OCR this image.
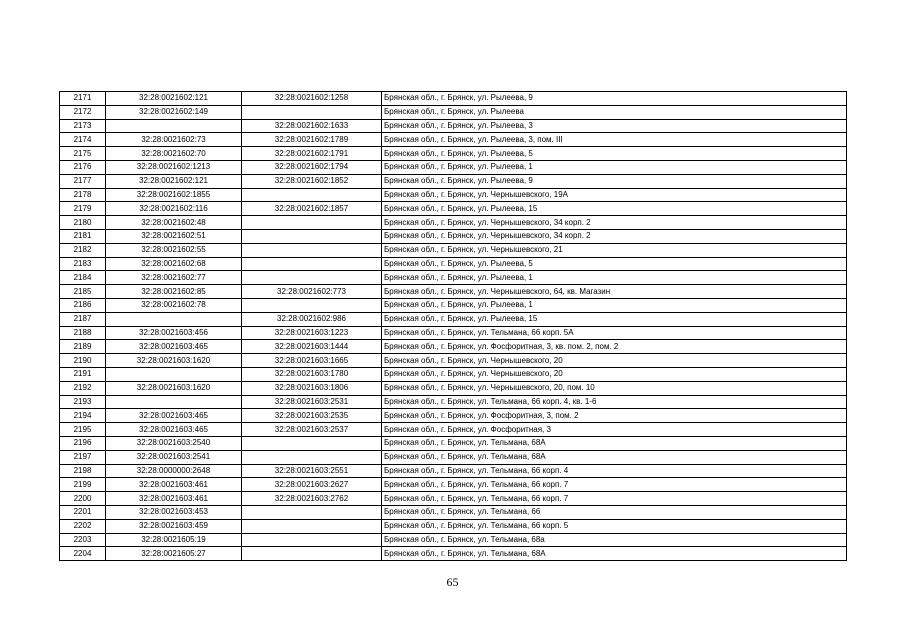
2171	32:28:0021602:121	32:28:0021602:1258	Брянская обл., г. Брянск, ул. Рылеева, 9
2172	32:28:0021602:149		Брянская обл., г. Брянск, ул. Рылеева
2173		32:28:0021602:1633	Брянская обл., г. Брянск, ул. Рылеева, 3
2174	32:28:0021602:73	32:28:0021602:1789	Брянская обл., г. Брянск, ул. Рылеева, 3, пом. III
2175	32:28:0021602:70	32:28:0021602:1791	Брянская обл., г. Брянск, ул. Рылеева, 5
2176	32:28:0021602:1213	32:28:0021602:1794	Брянская обл., г. Брянск, ул. Рылеева, 1
2177	32:28:0021602:121	32:28:0021602:1852	Брянская обл., г. Брянск, ул. Рылеева, 9
2178	32:28:0021602:1855		Брянская обл., г. Брянск, ул. Чернышевского, 19А
2179	32:28:0021602:116	32:28:0021602:1857	Брянская обл., г. Брянск, ул. Рылеева, 15
2180	32:28:0021602:48		Брянская обл., г. Брянск, ул. Чернышевского, 34 корп. 2
2181	32:28:0021602:51		Брянская обл., г. Брянск, ул. Чернышевского, 34 корп. 2
2182	32:28:0021602:55		Брянская обл., г. Брянск, ул. Чернышевского, 21
2183	32:28:0021602:68		Брянская обл., г. Брянск, ул. Рылеева, 5
2184	32:28:0021602:77		Брянская обл., г. Брянск, ул. Рылеева, 1
2185	32:28:0021602:85	32:28:0021602:773	Брянская обл., г. Брянск, ул. Чернышевского, 64, кв. Магазин
2186	32:28:0021602:78		Брянская обл., г. Брянск, ул. Рылеева, 1
2187		32:28:0021602:986	Брянская обл., г. Брянск, ул. Рылеева, 15
2188	32:28:0021603:456	32:28:0021603:1223	Брянская обл., г. Брянск, ул. Тельмана, 66 корп. 5А
2189	32:28:0021603:465	32:28:0021603:1444	Брянская обл., г. Брянск, ул. Фосфоритная, 3, кв. пом. 2, пом. 2
2190	32:28:0021603:1620	32:28:0021603:1665	Брянская обл., г. Брянск, ул. Чернышевского, 20
2191		32:28:0021603:1780	Брянская обл., г. Брянск, ул. Чернышевского, 20
2192	32:28:0021603:1620	32:28:0021603:1806	Брянская обл., г. Брянск, ул. Чернышевского, 20, пом. 10
2193		32:28:0021603:2531	Брянская обл., г. Брянск, ул. Тельмана, 66 корп. 4, кв. 1-6
2194	32:28:0021603:465	32:28:0021603:2535	Брянская обл., г. Брянск, ул. Фосфоритная, 3, пом. 2
2195	32:28:0021603:465	32:28:0021603:2537	Брянская обл., г. Брянск, ул. Фосфоритная, 3
2196	32:28:0021603:2540		Брянская обл., г. Брянск, ул. Тельмана, 68А
2197	32:28:0021603:2541		Брянская обл., г. Брянск, ул. Тельмана, 68А
2198	32:28:0000000:2648	32:28:0021603:2551	Брянская обл., г. Брянск, ул. Тельмана, 66 корп. 4
2199	32:28:0021603:461	32:28:0021603:2627	Брянская обл., г. Брянск, ул. Тельмана, 66 корп. 7
2200	32:28:0021603:461	32:28:0021603:2762	Брянская обл., г. Брянск, ул. Тельмана, 66 корп. 7
2201	32:28:0021603:453		Брянская обл., г. Брянск, ул. Тельмана, 66
2202	32:28:0021603:459		Брянская обл., г. Брянск, ул. Тельмана, 66 корп. 5
2203	32:28:0021605:19		Брянская обл., г. Брянск, ул. Тельмана, 68а
2204	32:28:0021605:27		Брянская обл., г. Брянск, ул. Тельмана, 68А
65
